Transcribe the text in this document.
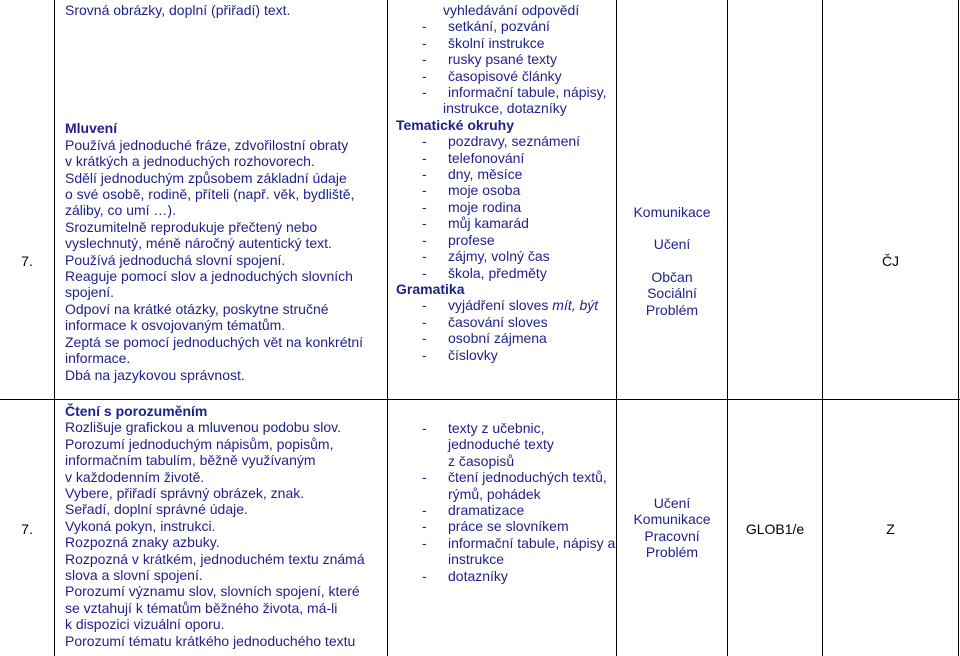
7.
Srovná obrázky, doplní (přiřadí) text.
Mluvení
Používá jednoduché fráze, zdvořilostní obraty
v krátkých a jednoduchých rozhovorech.
Sdělí jednoduchým způsobem základní údaje
o své osobě, rodině, příteli (např. věk, bydliště,
záliby, co umí …).
Srozumitelně reprodukuje přečtený nebo
vyslechnutý, méně náročný autentický text.
Používá jednoduchá slovní spojení.
Reaguje pomocí slov a jednoduchých slovních
spojení.
Odpoví na krátké otázky, poskytne stručné
informace k osvojovaným tématům.
Zeptá se pomocí jednoduchých vět na konkrétní
informace.
Dbá na jazykovou správnost.
vyhledávání odpovědí
- setkání, pozvání
- školní instrukce
- rusky psané texty
- časopisové články
- informační tabule, nápisy,
instrukce, dotazníky
Tematické okruhy
- pozdravy, seznámení
- telefonování
- dny, měsíce
- moje osoba
- moje rodina
- můj kamarád
- profese
- zájmy, volný čas
- škola, předměty
Gramatika
- vyjádření sloves mít, být
- časování sloves
- osobní zájmena
- číslovky
Komunikace
Učení
Občan
Sociální
Problém
ČJ
7.
Čtení s porozuměním
Rozlišuje grafickou a mluvenou podobu slov.
Porozumí jednoduchým nápisům, popisům,
informačním tabulím, běžně využívaným
v každodenním životě.
Vybere, přiřadí správný obrázek, znak.
Seřadí, doplní správné údaje.
Vykoná pokyn, instrukci.
Rozpozná znaky azbuky.
Rozpozná v krátkém, jednoduchém textu známá
slova a slovní spojení.
Porozumí významu slov, slovních spojení, které
se vztahují k tématům běžného života, má-li
k dispozici vizuální oporu.
Porozumí tématu krátkého jednoduchého textu
- texty z učebnic,
jednoduché texty
z časopisů
- čtení jednoduchých textů,
rýmů, pohádek
- dramatizace
- práce se slovníkem
- informační tabule, nápisy a
instrukce
- dotazníky
Učení
Komunikace
Pracovní
Problém
GLOB1/e	Z
